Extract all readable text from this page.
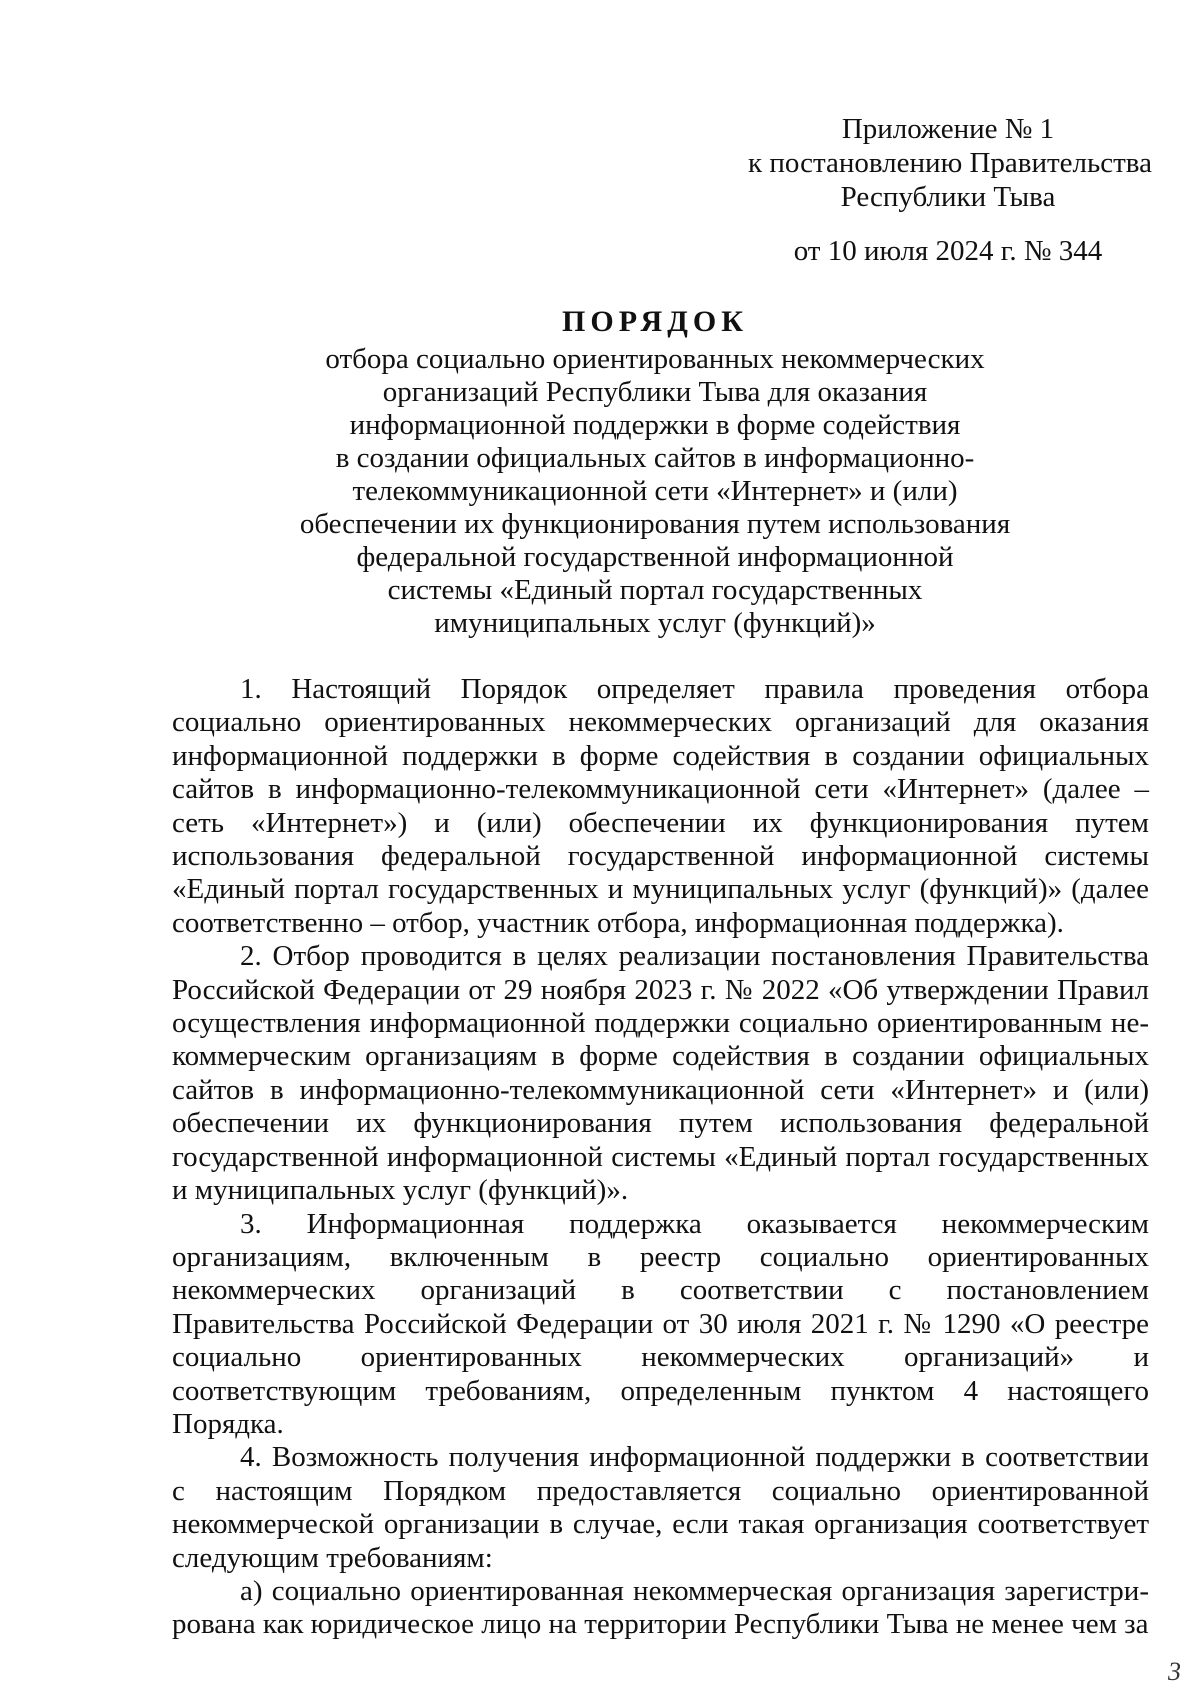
Приложение № 1
к постановлению Правительства
Республики Тыва
от 10 июля 2024 г. № 344
ПОРЯДОК
отбора социально ориентированных некоммерческих
организаций Республики Тыва для оказания
информационной поддержки в форме содействия
в создании официальных сайтов в информационно-
телекоммуникационной сети «Интернет» и (или)
обеспечении их функционирования путем использования
федеральной государственной информационной
системы «Единый портал государственных
имуниципальных услуг (функций)»

1. Настоящий Порядок определяет правила проведения отбора социально ориентированных некоммерческих организаций для оказания информационной поддержки в форме содействия в создании официальных сайтов в информационно-телекоммуникационной сети «Интернет» (далее – сеть «Интернет») и (или) обеспечении их функционирования путем использования федеральной государственной информационной системы «Единый портал государственных и муниципальных услуг (функций)» (далее соответственно – отбор, участник отбора, информационная поддержка).

2. Отбор проводится в целях реализации постановления Правительства Российской Федерации от 29 ноября 2023 г. № 2022 «Об утверждении Правил осуществления информационной поддержки социально ориентированным некоммерческим организациям в форме содействия в создании официальных сайтов в информационно-телекоммуникационной сети «Интернет» и (или) обеспечении их функционирования путем использования федеральной государственной информационной системы «Единый портал государственных и муниципальных услуг (функций)».

3. Информационная поддержка оказывается некоммерческим организациям, включенным в реестр социально ориентированных некоммерческих организаций в соответствии с постановлением Правительства Российской Федерации от 30 июля 2021 г. № 1290 «О реестре социально ориентированных некоммерческих организаций» и соответствующим требованиям, определенным пунктом 4 настоящего Порядка.

4. Возможность получения информационной поддержки в соответствии с настоящим Порядком предоставляется социально ориентированной некоммерческой организации в случае, если такая организация соответствует следующим требованиям:

а) социально ориентированная некоммерческая организация зарегистрирована как юридическое лицо на территории Республики Тыва не менее чем за

3
